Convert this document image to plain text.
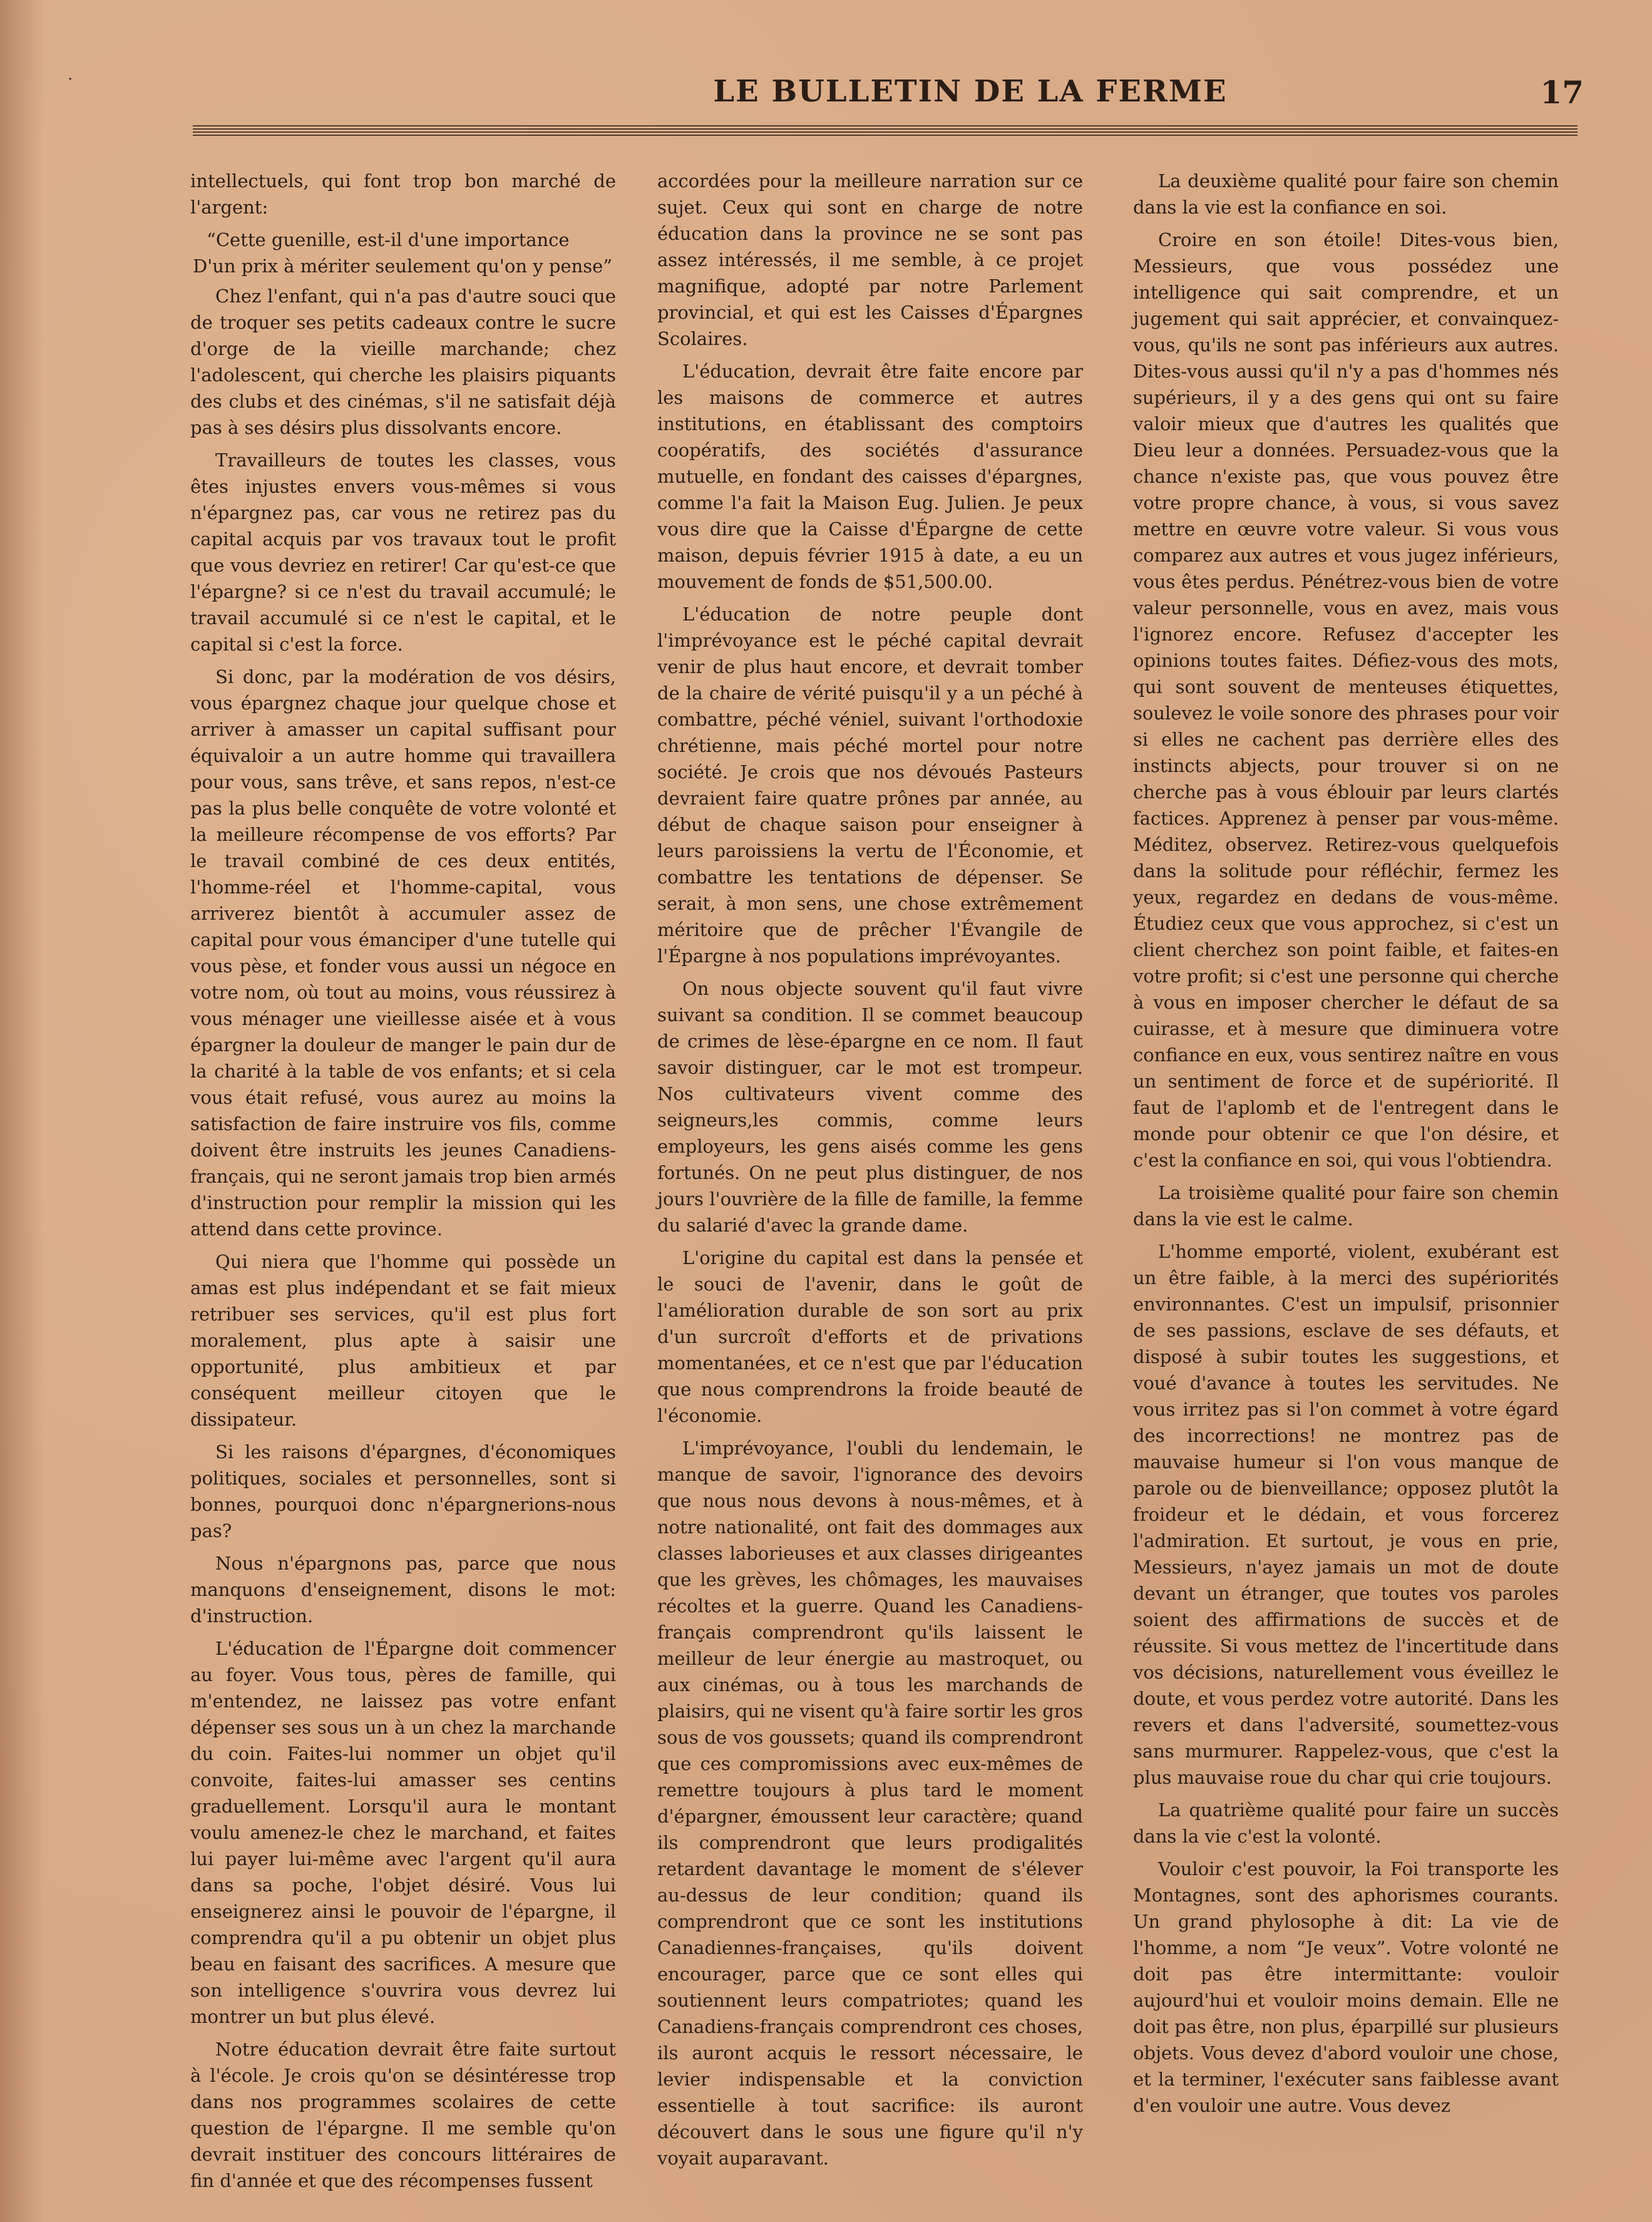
·	LE BULLETIN DE LA FERME	17

intellectuels, qui font trop bon marché de l'argent:

“Cette guenille, est-il d'une importance

D'un prix à mériter seulement qu'on y pense”

Chez l'enfant, qui n'a pas d'autre souci que de troquer ses petits cadeaux contre le sucre d'orge de la vieille marchande; chez l'adolescent, qui cherche les plaisirs piquants des clubs et des cinémas, s'il ne satisfait déjà pas à ses désirs plus dissolvants encore.

Travailleurs de toutes les classes, vous êtes injustes envers vous-mêmes si vous n'épargnez pas, car vous ne retirez pas du capital acquis par vos travaux tout le profit que vous devriez en retirer! Car qu'est-ce que l'épargne? si ce n'est du travail accumulé; le travail accumulé si ce n'est le capital, et le capital si c'est la force.

Si donc, par la modération de vos désirs, vous épargnez chaque jour quelque chose et arriver à amasser un capital suffisant pour équivaloir a un autre homme qui travaillera pour vous, sans trêve, et sans repos, n'est-ce pas la plus belle conquête de votre volonté et la meilleure récompense de vos efforts? Par le travail combiné de ces deux entités, l'homme-réel et l'homme-capital, vous arriverez bientôt à accumuler assez de capital pour vous émanciper d'une tutelle qui vous pèse, et fonder vous aussi un négoce en votre nom, où tout au moins, vous réussirez à vous ménager une vieillesse aisée et à vous épargner la douleur de manger le pain dur de la charité à la table de vos enfants; et si cela vous était refusé, vous aurez au moins la satisfaction de faire instruire vos fils, comme doivent être instruits les jeunes Canadiens-français, qui ne seront jamais trop bien armés d'instruction pour remplir la mission qui les attend dans cette province.

Qui niera que l'homme qui possède un amas est plus indépendant et se fait mieux retribuer ses services, qu'il est plus fort moralement, plus apte à saisir une opportunité, plus ambitieux et par conséquent meilleur citoyen que le dissipateur.

Si les raisons d'épargnes, d'économiques politiques, sociales et personnelles, sont si bonnes, pourquoi donc n'épargnerions-nous pas?

Nous n'épargnons pas, parce que nous manquons d'enseignement, disons le mot: d'instruction.

L'éducation de l'Épargne doit commencer au foyer. Vous tous, pères de famille, qui m'entendez, ne laissez pas votre enfant dépenser ses sous un à un chez la marchande du coin. Faites-lui nommer un objet qu'il convoite, faites-lui amasser ses centins graduellement. Lorsqu'il aura le montant voulu amenez-le chez le marchand, et faites lui payer lui-même avec l'argent qu'il aura dans sa poche, l'objet désiré. Vous lui enseignerez ainsi le pouvoir de l'épargne, il comprendra qu'il a pu obtenir un objet plus beau en faisant des sacrifices. A mesure que son intelligence s'ouvrira vous devrez lui montrer un but plus élevé.

Notre éducation devrait être faite surtout à l'école. Je crois qu'on se désintéresse trop dans nos programmes scolaires de cette question de l'épargne. Il me semble qu'on devrait instituer des concours littéraires de fin d'année et que des récompenses fussent

accordées pour la meilleure narration sur ce sujet. Ceux qui sont en charge de notre éducation dans la province ne se sont pas assez intéressés, il me semble, à ce projet magnifique, adopté par notre Parlement provincial, et qui est les Caisses d'Épargnes Scolaires.

L'éducation, devrait être faite encore par les maisons de commerce et autres institutions, en établissant des comptoirs coopératifs, des sociétés d'assurance mutuelle, en fondant des caisses d'épargnes, comme l'a fait la Maison Eug. Julien. Je peux vous dire que la Caisse d'Épargne de cette maison, depuis février 1915 à date, a eu un mouvement de fonds de $51,500.00.

L'éducation de notre peuple dont l'imprévoyance est le péché capital devrait venir de plus haut encore, et devrait tomber de la chaire de vérité puisqu'il y a un péché à combattre, péché véniel, suivant l'orthodoxie chrétienne, mais péché mortel pour notre société. Je crois que nos dévoués Pasteurs devraient faire quatre prônes par année, au début de chaque saison pour enseigner à leurs paroissiens la vertu de l'Économie, et combattre les tentations de dépenser. Se serait, à mon sens, une chose extrêmement méritoire que de prêcher l'Évangile de l'Épargne à nos populations imprévoyantes.

On nous objecte souvent qu'il faut vivre suivant sa condition. Il se commet beaucoup de crimes de lèse-épargne en ce nom. Il faut savoir distinguer, car le mot est trompeur. Nos cultivateurs vivent comme des seigneurs,les commis, comme leurs employeurs, les gens aisés comme les gens fortunés. On ne peut plus distinguer, de nos jours l'ouvrière de la fille de famille, la femme du salarié d'avec la grande dame.

L'origine du capital est dans la pensée et le souci de l'avenir, dans le goût de l'amélioration durable de son sort au prix d'un surcroît d'efforts et de privations momentanées, et ce n'est que par l'éducation que nous comprendrons la froide beauté de l'économie.

L'imprévoyance, l'oubli du lendemain, le manque de savoir, l'ignorance des devoirs que nous nous devons à nous-mêmes, et à notre nationalité, ont fait des dommages aux classes laborieuses et aux classes dirigeantes que les grèves, les chômages, les mauvaises récoltes et la guerre. Quand les Canadiens-français comprendront qu'ils laissent le meilleur de leur énergie au mastroquet, ou aux cinémas, ou à tous les marchands de plaisirs, qui ne visent qu'à faire sortir les gros sous de vos goussets; quand ils comprendront que ces compromissions avec eux-mêmes de remettre toujours à plus tard le moment d'épargner, émoussent leur caractère; quand ils comprendront que leurs prodigalités retardent davantage le moment de s'élever au-dessus de leur condition; quand ils comprendront que ce sont les institutions Canadiennes-françaises, qu'ils doivent encourager, parce que ce sont elles qui soutiennent leurs compatriotes; quand les Canadiens-français comprendront ces choses, ils auront acquis le ressort nécessaire, le levier indispensable et la conviction essentielle à tout sacrifice: ils auront découvert dans le sous une figure qu'il n'y voyait auparavant.

La deuxième qualité pour faire son chemin dans la vie est la confiance en soi.

Croire en son étoile! Dites-vous bien, Messieurs, que vous possédez une intelligence qui sait comprendre, et un jugement qui sait apprécier, et convainquez-vous, qu'ils ne sont pas inférieurs aux autres. Dites-vous aussi qu'il n'y a pas d'hommes nés supérieurs, il y a des gens qui ont su faire valoir mieux que d'autres les qualités que Dieu leur a données. Persuadez-vous que la chance n'existe pas, que vous pouvez être votre propre chance, à vous, si vous savez mettre en œuvre votre valeur. Si vous vous comparez aux autres et vous jugez inférieurs, vous êtes perdus. Pénétrez-vous bien de votre valeur personnelle, vous en avez, mais vous l'ignorez encore. Refusez d'accepter les opinions toutes faites. Défiez-vous des mots, qui sont souvent de menteuses étiquettes, soulevez le voile sonore des phrases pour voir si elles ne cachent pas derrière elles des instincts abjects, pour trouver si on ne cherche pas à vous éblouir par leurs clartés factices. Apprenez à penser par vous-même. Méditez, observez. Retirez-vous quelquefois dans la solitude pour réfléchir, fermez les yeux, regardez en dedans de vous-même. Étudiez ceux que vous approchez, si c'est un client cherchez son point faible, et faites-en votre profit; si c'est une personne qui cherche à vous en imposer chercher le défaut de sa cuirasse, et à mesure que diminuera votre confiance en eux, vous sentirez naître en vous un sentiment de force et de supériorité. Il faut de l'aplomb et de l'entregent dans le monde pour obtenir ce que l'on désire, et c'est la confiance en soi, qui vous l'obtiendra.

La troisième qualité pour faire son chemin dans la vie est le calme.

L'homme emporté, violent, exubérant est un être faible, à la merci des supériorités environnantes. C'est un impulsif, prisonnier de ses passions, esclave de ses défauts, et disposé à subir toutes les suggestions, et voué d'avance à toutes les servitudes. Ne vous irritez pas si l'on commet à votre égard des incorrections! ne montrez pas de mauvaise humeur si l'on vous manque de parole ou de bienveillance; opposez plutôt la froideur et le dédain, et vous forcerez l'admiration. Et surtout, je vous en prie, Messieurs, n'ayez jamais un mot de doute devant un étranger, que toutes vos paroles soient des affirmations de succès et de réussite. Si vous mettez de l'incertitude dans vos décisions, naturellement vous éveillez le doute, et vous perdez votre autorité. Dans les revers et dans l'adversité, soumettez-vous sans murmurer. Rappelez-vous, que c'est la plus mauvaise roue du char qui crie toujours.

La quatrième qualité pour faire un succès dans la vie c'est la volonté.

Vouloir c'est pouvoir, la Foi transporte les Montagnes, sont des aphorismes courants. Un grand phylosophe à dit: La vie de l'homme, a nom “Je veux”. Votre volonté ne doit pas être intermittante: vouloir aujourd'hui et vouloir moins demain. Elle ne doit pas être, non plus, éparpillé sur plusieurs objets. Vous devez d'abord vouloir une chose, et la terminer, l'exécuter sans faiblesse avant d'en vouloir une autre. Vous devez
